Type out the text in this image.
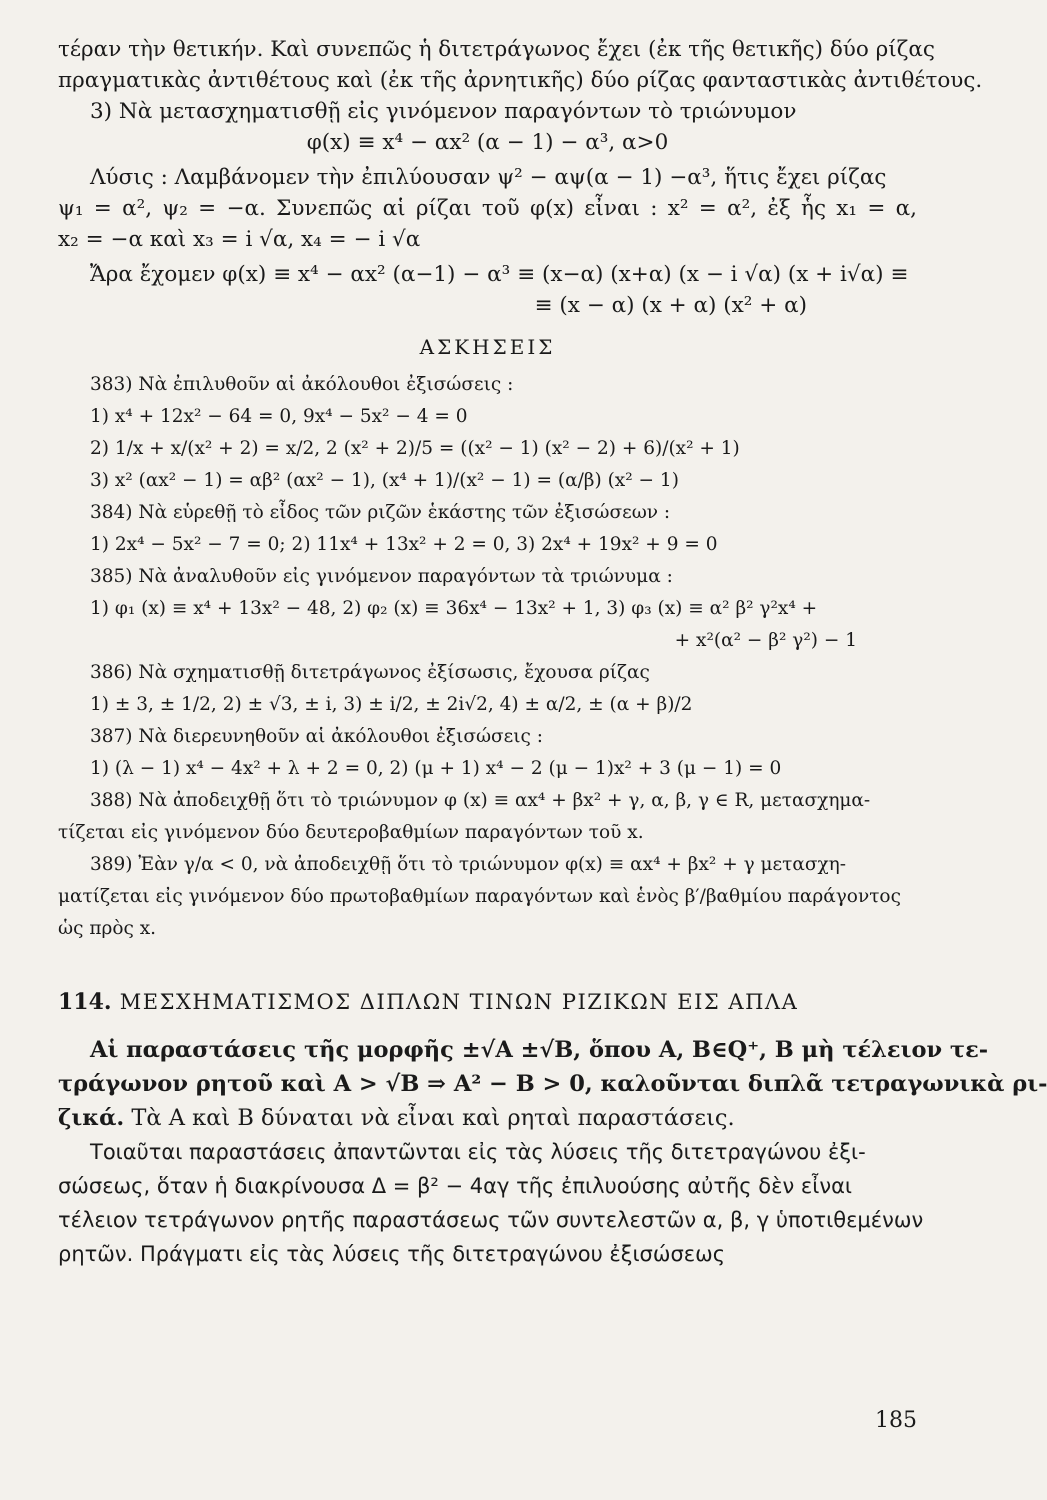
τέραν τὴν θετικήν. Καὶ συνεπῶς ἡ διτετράγωνος ἔχει (ἐκ τῆς θετικῆς) δύο ρίζας

πραγματικὰς ἀντιθέτους καὶ (ἐκ τῆς ἀρνητικῆς) δύο ρίζας φανταστικὰς ἀντιθέτους.

3) Νὰ μετασχηματισθῇ εἰς γινόμενον παραγόντων τὸ τριώνυμον

φ(x) ≡ x⁴ − αx² (α − 1) − α³, α>0

Λύσις : Λαμβάνομεν τὴν ἐπιλύουσαν ψ² − αψ(α − 1) −α³, ἥτις ἔχει ρίζας

ψ₁ = α², ψ₂ = −α. Συνεπῶς αἱ ρίζαι τοῦ φ(x) εἶναι : x² = α², ἐξ ἧς x₁ = α,

x₂ = −α καὶ x₃ = i √α, x₄ = − i √α

Ἄρα ἔχομεν φ(x) ≡ x⁴ − αx² (α−1) − α³ ≡ (x−α) (x+α) (x − i √α) (x + i√α) ≡

≡ (x − α) (x + α) (x² + α)

ΑΣΚΗΣΕΙΣ
383) Νὰ ἐπιλυθοῦν αἱ ἀκόλουθοι ἐξισώσεις :
1) x⁴ + 12x² − 64 = 0, 9x⁴ − 5x² − 4 = 0
2) 1/x + x/(x² + 2) = x/2, 2 (x² + 2)/5 = ((x² − 1) (x² − 2) + 6)/(x² + 1)
3) x² (αx² − 1) = αβ² (αx² − 1), (x⁴ + 1)/(x² − 1) = (α/β) (x² − 1)
384) Νὰ εὑρεθῇ τὸ εἶδος τῶν ριζῶν ἑκάστης τῶν ἐξισώσεων :
1) 2x⁴ − 5x² − 7 = 0; 2) 11x⁴ + 13x² + 2 = 0, 3) 2x⁴ + 19x² + 9 = 0
385) Νὰ ἀναλυθοῦν εἰς γινόμενον παραγόντων τὰ τριώνυμα :
1) φ₁ (x) ≡ x⁴ + 13x² − 48, 2) φ₂ (x) ≡ 36x⁴ − 13x² + 1, 3) φ₃ (x) ≡ α² β² γ²x⁴ +
+ x²(α² − β² γ²) − 1
386) Νὰ σχηματισθῇ διτετράγωνος ἐξίσωσις, ἔχουσα ρίζας
1) ± 3, ± 1/2, 2) ± √3, ± i, 3) ± i/2, ± 2i√2, 4) ± α/2, ± (α + β)/2
387) Νὰ διερευνηθοῦν αἱ ἀκόλουθοι ἐξισώσεις :
1) (λ − 1) x⁴ − 4x² + λ + 2 = 0, 2) (μ + 1) x⁴ − 2 (μ − 1)x² + 3 (μ − 1) = 0
388) Νὰ ἀποδειχθῇ ὅτι τὸ τριώνυμον φ (x) ≡ αx⁴ + βx² + γ, α, β, γ ∈ R, μετασχημα-
τίζεται εἰς γινόμενον δύο δευτεροβαθμίων παραγόντων τοῦ x.
389) Ἐὰν γ/α < 0, νὰ ἀποδειχθῇ ὅτι τὸ τριώνυμον φ(x) ≡ αx⁴ + βx² + γ μετασχη-
ματίζεται εἰς γινόμενον δύο πρωτοβαθμίων παραγόντων καὶ ἑνὸς β′/βαθμίου παράγοντος
ὡς πρὸς x.
114. ΜΕΣΧΗΜΑΤΙΣΜΟΣ ΔΙΠΛΩΝ ΤΙΝΩΝ ΡΙΖΙΚΩΝ ΕΙΣ ΑΠΛΑ

Αἱ παραστάσεις τῆς μορφῆς ±√A ±√B, ὅπου A, B∈Q⁺, B μὴ τέλειον τε-

τράγωνον ρητοῦ καὶ A > √B ⇒ A² − B > 0, καλοῦνται διπλᾶ τετραγωνικὰ ρι-

ζικά. Τὰ A καὶ B δύναται νὰ εἶναι καὶ ρηταὶ παραστάσεις.

Τοιαῦται παραστάσεις ἀπαντῶνται εἰς τὰς λύσεις τῆς διτετραγώνου ἐξι-

σώσεως, ὅταν ἡ διακρίνουσα Δ = β² − 4αγ τῆς ἐπιλυούσης αὐτῆς δὲν εἶναι

τέλειον τετράγωνον ρητῆς παραστάσεως τῶν συντελεστῶν α, β, γ ὑποτιθεμένων

ρητῶν. Πράγματι εἰς τὰς λύσεις τῆς διτετραγώνου ἐξισώσεως

185
